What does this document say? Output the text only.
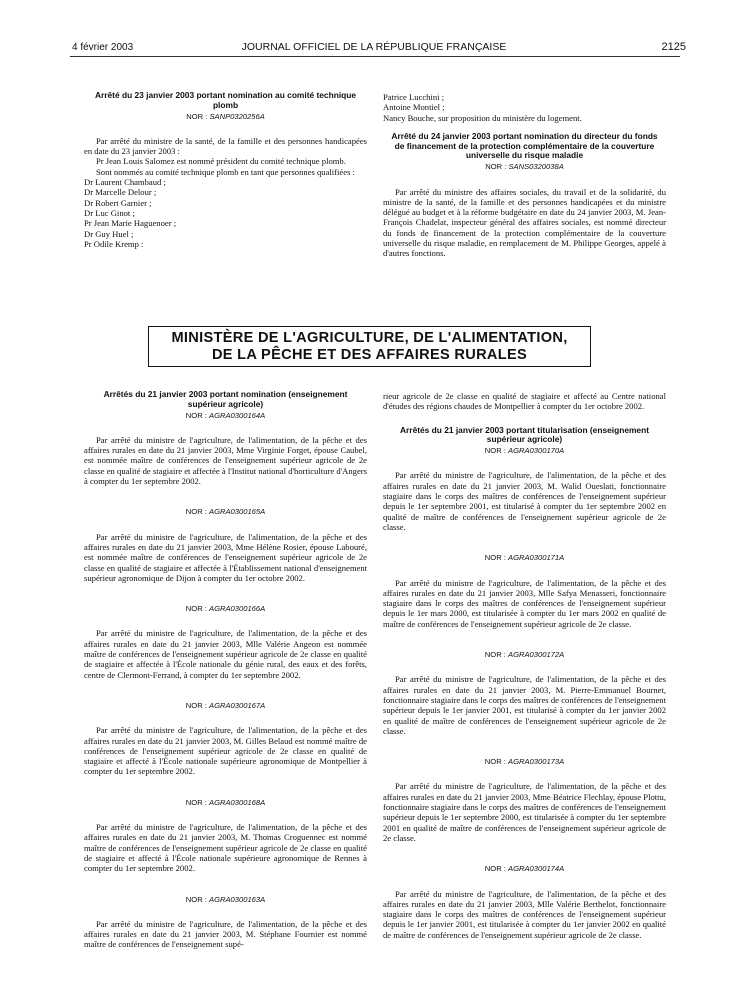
4 février 2003	JOURNAL OFFICIEL DE LA RÉPUBLIQUE FRANÇAISE	2125
Arrêté du 23 janvier 2003 portant nomination au comité technique plomb
NOR : SANP0320256A

Par arrêté du ministre de la santé, de la famille et des personnes handicapées en date du 23 janvier 2003 :

Pr Jean Louis Salomez est nommé président du comité technique plomb.

Sont nommés au comité technique plomb en tant que personnes qualifiées :

Dr Laurent Chambaud ;
Dr Marcelle Delour ;
Dr Robert Garnier ;
Dr Luc Ginot ;
Pr Jean Marie Haguenoer ;
Dr Guy Huel ;
Pr Odile Kremp :
Patrice Lucchini ;
Antoine Montiel ;
Nancy Bouche, sur proposition du ministère du logement.
Arrêté du 24 janvier 2003 portant nomination du directeur du fonds de financement de la protection complémentaire de la couverture universelle du risque maladie
NOR : SANS0320038A

Par arrêté du ministre des affaires sociales, du travail et de la solidarité, du ministre de la santé, de la famille et des personnes handicapées et du ministre délégué au budget et à la réforme budgétaire en date du 24 janvier 2003, M. Jean-François Chadelat, inspecteur général des affaires sociales, est nommé directeur du fonds de financement de la protection complémentaire de la couverture universelle du risque maladie, en remplacement de M. Philippe Georges, appelé à d'autres fonctions.

MINISTÈRE DE L'AGRICULTURE, DE L'ALIMENTATION,
DE LA PÊCHE ET DES AFFAIRES RURALES
Arrêtés du 21 janvier 2003 portant nomination (enseignement supérieur agricole)
NOR : AGRA0300164A

Par arrêté du ministre de l'agriculture, de l'alimentation, de la pêche et des affaires rurales en date du 21 janvier 2003, Mme Virginie Forget, épouse Caubel, est nommée maître de conférences de l'enseignement supérieur agricole de 2e classe en qualité de stagiaire et affectée à l'Institut national d'horticulture d'Angers à compter du 1er septembre 2002.

NOR : AGRA0300165A

Par arrêté du ministre de l'agriculture, de l'alimentation, de la pêche et des affaires rurales en date du 21 janvier 2003, Mme Hélène Rosier, épouse Labouré, est nommée maître de conférences de l'enseignement supérieur agricole de 2e classe en qualité de stagiaire et affectée à l'Établissement national d'enseignement supérieur agronomique de Dijon à compter du 1er octobre 2002.

NOR : AGRA0300166A

Par arrêté du ministre de l'agriculture, de l'alimentation, de la pêche et des affaires rurales en date du 21 janvier 2003, Mlle Valérie Angeon est nommée maître de conférences de l'enseignement supérieur agricole de 2e classe en qualité de stagiaire et affectée à l'École nationale du génie rural, des eaux et des forêts, centre de Clermont-Ferrand, à compter du 1er septembre 2002.

NOR : AGRA0300167A

Par arrêté du ministre de l'agriculture, de l'alimentation, de la pêche et des affaires rurales en date du 21 janvier 2003, M. Gilles Belaud est nommé maître de conférences de l'enseignement supérieur agricole de 2e classe en qualité de stagiaire et affecté à l'École nationale supérieure agronomique de Montpellier à compter du 1er septembre 2002.

NOR : AGRA0300168A

Par arrêté du ministre de l'agriculture, de l'alimentation, de la pêche et des affaires rurales en date du 21 janvier 2003, M. Thomas Croguennec est nommé maître de conférences de l'enseignement supérieur agricole de 2e classe en qualité de stagiaire et affecté à l'École nationale supérieure agronomique de Rennes à compter du 1er septembre 2002.

NOR : AGRA0300163A

Par arrêté du ministre de l'agriculture, de l'alimentation, de la pêche et des affaires rurales en date du 21 janvier 2003, M. Stéphane Fournier est nommé maître de conférences de l'enseignement supé-

rieur agricole de 2e classe en qualité de stagiaire et affecté au Centre national d'études des régions chaudes de Montpellier à compter du 1er octobre 2002.
Arrêtés du 21 janvier 2003 portant titularisation (enseignement supérieur agricole)
NOR : AGRA0300170A

Par arrêté du ministre de l'agriculture, de l'alimentation, de la pêche et des affaires rurales en date du 21 janvier 2003, M. Walid Oueslati, fonctionnaire stagiaire dans le corps des maîtres de conférences de l'enseignement supérieur depuis le 1er septembre 2001, est titularisé à compter du 1er septembre 2002 en qualité de maître de conférences de l'enseignement supérieur agricole de 2e classe.

NOR : AGRA0300171A

Par arrêté du ministre de l'agriculture, de l'alimentation, de la pêche et des affaires rurales en date du 21 janvier 2003, Mlle Safya Menasseri, fonctionnaire stagiaire dans le corps des maîtres de conférences de l'enseignement supérieur depuis le 1er mars 2000, est titularisée à compter du 1er mars 2002 en qualité de maître de conférences de l'enseignement supérieur agricole de 2e classe.

NOR : AGRA0300172A

Par arrêté du ministre de l'agriculture, de l'alimentation, de la pêche et des affaires rurales en date du 21 janvier 2003, M. Pierre-Emmanuel Bournet, fonctionnaire stagiaire dans le corps des maîtres de conférences de l'enseignement supérieur depuis le 1er janvier 2001, est titularisé à compter du 1er janvier 2002 en qualité de maître de conférences de l'enseignement supérieur agricole de 2e classe.

NOR : AGRA0300173A

Par arrêté du ministre de l'agriculture, de l'alimentation, de la pêche et des affaires rurales en date du 21 janvier 2003, Mme Béatrice Flechlay, épouse Plottu, fonctionnaire stagiaire dans le corps des maîtres de conférences de l'enseignement supérieur depuis le 1er septembre 2000, est titularisée à compter du 1er septembre 2001 en qualité de maître de conférences de l'enseignement supérieur agricole de 2e classe.

NOR : AGRA0300174A

Par arrêté du ministre de l'agriculture, de l'alimentation, de la pêche et des affaires rurales en date du 21 janvier 2003, Mlle Valérie Berthelot, fonctionnaire stagiaire dans le corps des maîtres de conférences de l'enseignement supérieur depuis le 1er janvier 2001, est titularisée à compter du 1er janvier 2002 en qualité de maître de conférences de l'enseignement supérieur agricole de 2e classe.
